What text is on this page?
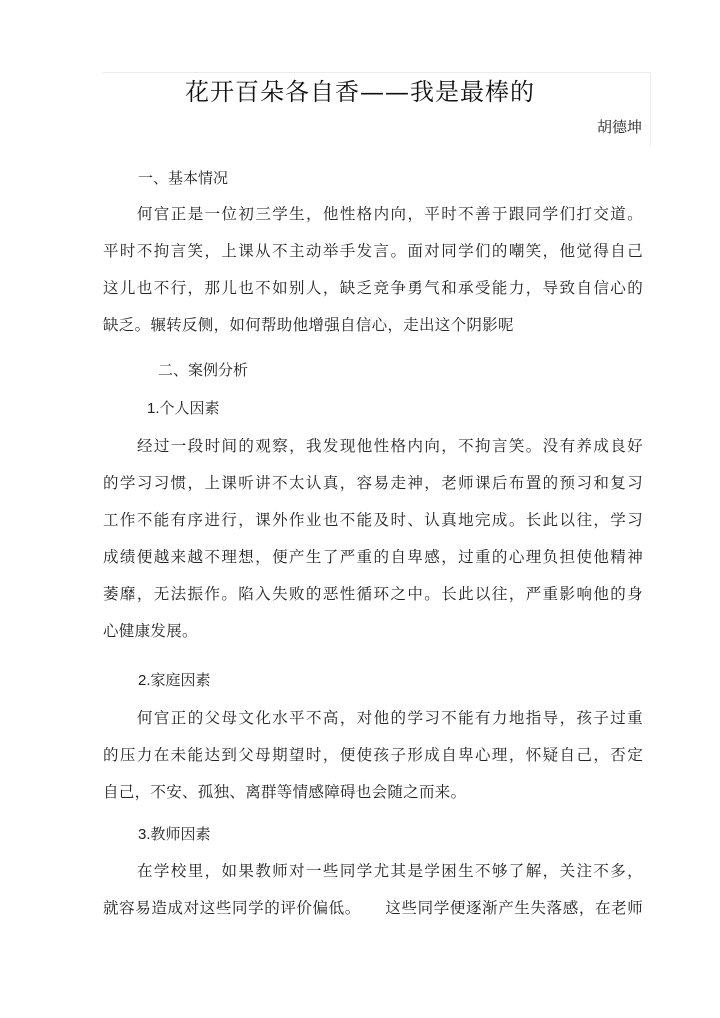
花开百朵各自香——我是最棒的
胡德坤
一、基本情况
何官正是一位初三学生，他性格内向，平时不善于跟同学们打交道。
平时不拘言笑，上课从不主动举手发言。面对同学们的嘲笑，他觉得自己
这儿也不行，那儿也不如别人，缺乏竞争勇气和承受能力，导致自信心的
缺乏。辗转反侧，如何帮助他增强自信心，走出这个阴影呢
二、案例分析
1.个人因素
经过一段时间的观察，我发现他性格内向，不拘言笑。没有养成良好
的学习习惯，上课听讲不太认真，容易走神，老师课后布置的预习和复习
工作不能有序进行，课外作业也不能及时、认真地完成。长此以往，学习
成绩便越来越不理想，便产生了严重的自卑感，过重的心理负担使他精神
萎靡，无法振作。陷入失败的恶性循环之中。长此以往，严重影响他的身
心健康发展。
2.家庭因素
何官正的父母文化水平不高，对他的学习不能有力地指导，孩子过重
的压力在未能达到父母期望时，便使孩子形成自卑心理，怀疑自己，否定
自己，不安、孤独、离群等情感障碍也会随之而来。
3.教师因素
在学校里，如果教师对一些同学尤其是学困生不够了解，关注不多，
就容易造成对这些同学的评价偏低。　　这些同学便逐渐产生失落感，在老师
